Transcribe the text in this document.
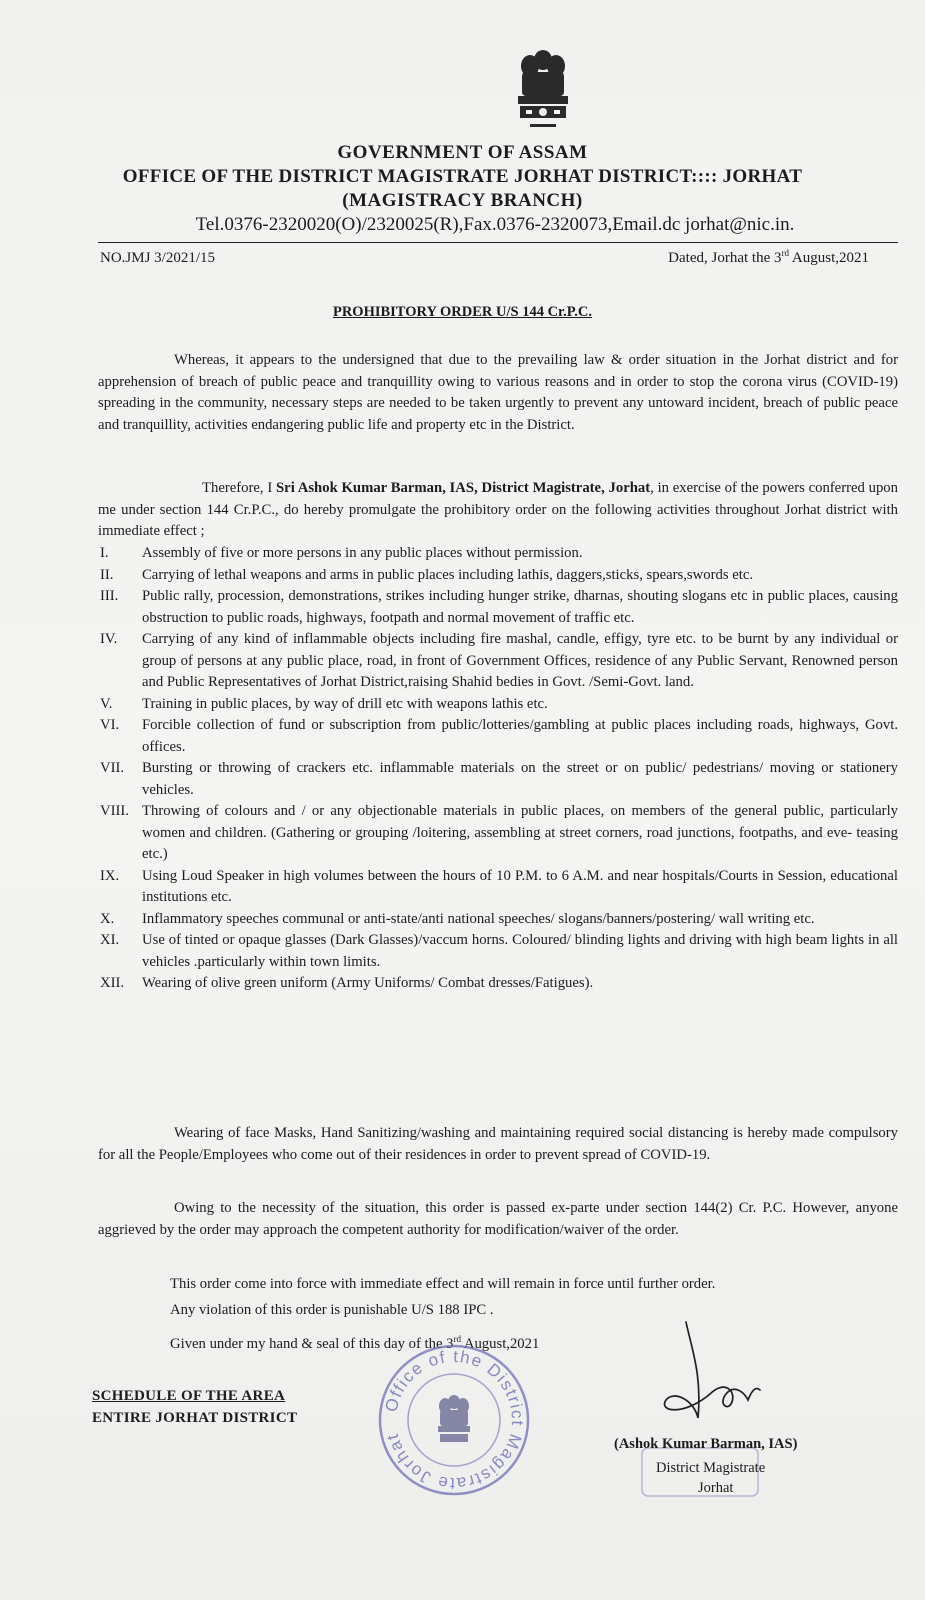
GOVERNMENT OF ASSAM
OFFICE OF THE DISTRICT MAGISTRATE JORHAT DISTRICT:::: JORHAT
(MAGISTRACY BRANCH)
Tel.0376-2320020(O)/2320025(R),Fax.0376-2320073,Email.dc jorhat@nic.in.
NO.JMJ 3/2021/15	Dated, Jorhat the 3rd August,2021
PROHIBITORY ORDER U/S 144 Cr.P.C.
Whereas, it appears to the undersigned that due to the prevailing law & order situation in the Jorhat district and for apprehension of breach of public peace and tranquillity owing to various reasons and in order to stop the corona virus (COVID-19) spreading in the community, necessary steps are needed to be taken urgently to prevent any untoward incident, breach of public peace and tranquillity, activities endangering public life and property etc in the District.
Therefore, I Sri Ashok Kumar Barman, IAS, District Magistrate, Jorhat, in exercise of the powers conferred upon me under section 144 Cr.P.C., do hereby promulgate the prohibitory order on the following activities throughout Jorhat district with immediate effect ;
I. Assembly of five or more persons in any public places without permission.
II. Carrying of lethal weapons and arms in public places including lathis, daggers,sticks, spears,swords etc.
III. Public rally, procession, demonstrations, strikes including hunger strike, dharnas, shouting slogans etc in public places, causing obstruction to public roads, highways, footpath and normal movement of traffic etc.
IV. Carrying of any kind of inflammable objects including fire mashal, candle, effigy, tyre etc. to be burnt by any individual or group of persons at any public place, road, in front of Government Offices, residence of any Public Servant, Renowned person and Public Representatives of Jorhat District,raising Shahid bedies in Govt. /Semi-Govt. land.
V. Training in public places, by way of drill etc with weapons lathis etc.
VI. Forcible collection of fund or subscription from public/lotteries/gambling at public places including roads, highways, Govt. offices.
VII. Bursting or throwing of crackers etc. inflammable materials on the street or on public/ pedestrians/ moving or stationery vehicles.
VIII. Throwing of colours and / or any objectionable materials in public places, on members of the general public, particularly women and children. (Gathering or grouping /loitering, assembling at street corners, road junctions, footpaths, and eve- teasing etc.)
IX. Using Loud Speaker in high volumes between the hours of 10 P.M. to 6 A.M. and near hospitals/Courts in Session, educational institutions etc.
X. Inflammatory speeches communal or anti-state/anti national speeches/ slogans/banners/postering/ wall writing etc.
XI. Use of tinted or opaque glasses (Dark Glasses)/vaccum horns. Coloured/ blinding lights and driving with high beam lights in all vehicles .particularly within town limits.
XII. Wearing of olive green uniform (Army Uniforms/ Combat dresses/Fatigues).
Wearing of face Masks, Hand Sanitizing/washing and maintaining required social distancing is hereby made compulsory for all the People/Employees who come out of their residences in order to prevent spread of COVID-19.
Owing to the necessity of the situation, this order is passed ex-parte under section 144(2) Cr. P.C. However, anyone aggrieved by the order may approach the competent authority for modification/waiver of the order.
This order come into force with immediate effect and will remain in force until further order.
Any violation of this order is punishable U/S 188 IPC .
Given under my hand & seal of this day of the 3rd August,2021
SCHEDULE OF THE AREA
ENTIRE JORHAT DISTRICT
Office of the District Magistrate Jorhat	(Ashok Kumar Barman, IAS)
District Magistrate
Jorhat
